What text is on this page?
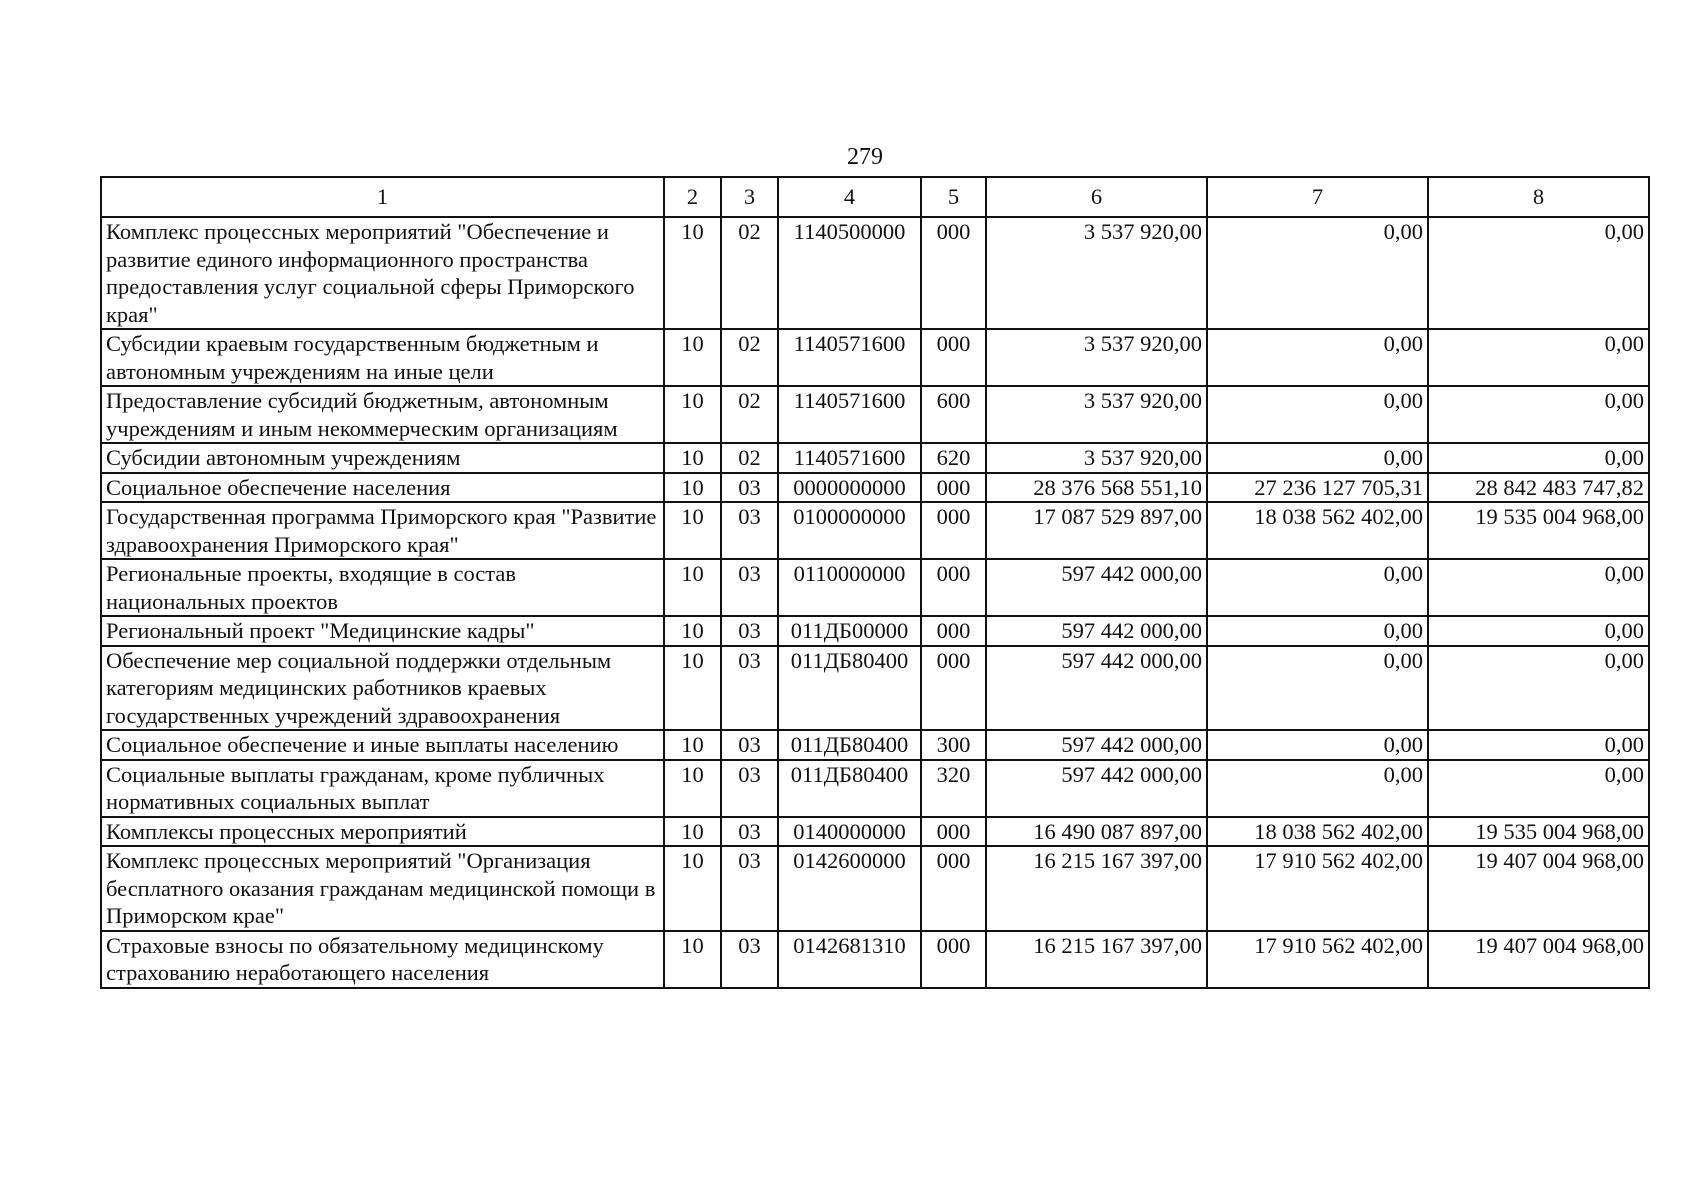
279
1	2	3	4	5	6	7	8
Комплекс процессных мероприятий "Обеспечение и развитие единого информационного пространства предоставления услуг социальной сферы Приморского края"	10	02	1140500000	000	3 537 920,00	0,00	0,00
Субсидии краевым государственным бюджетным и автономным учреждениям на иные цели	10	02	1140571600	000	3 537 920,00	0,00	0,00
Предоставление субсидий бюджетным, автономным учреждениям и иным некоммерческим организациям	10	02	1140571600	600	3 537 920,00	0,00	0,00
Субсидии автономным учреждениям	10	02	1140571600	620	3 537 920,00	0,00	0,00
Социальное обеспечение населения	10	03	0000000000	000	28 376 568 551,10	27 236 127 705,31	28 842 483 747,82
Государственная программа Приморского края "Развитие здравоохранения Приморского края"	10	03	0100000000	000	17 087 529 897,00	18 038 562 402,00	19 535 004 968,00
Региональные проекты, входящие в состав национальных проектов	10	03	0110000000	000	597 442 000,00	0,00	0,00
Региональный проект "Медицинские кадры"	10	03	011ДБ00000	000	597 442 000,00	0,00	0,00
Обеспечение мер социальной поддержки отдельным категориям медицинских работников краевых государственных учреждений здравоохранения	10	03	011ДБ80400	000	597 442 000,00	0,00	0,00
Социальное обеспечение и иные выплаты населению	10	03	011ДБ80400	300	597 442 000,00	0,00	0,00
Социальные выплаты гражданам, кроме публичных нормативных социальных выплат	10	03	011ДБ80400	320	597 442 000,00	0,00	0,00
Комплексы процессных мероприятий	10	03	0140000000	000	16 490 087 897,00	18 038 562 402,00	19 535 004 968,00
Комплекс процессных мероприятий "Организация бесплатного оказания гражданам медицинской помощи в Приморском крае"	10	03	0142600000	000	16 215 167 397,00	17 910 562 402,00	19 407 004 968,00
Страховые взносы по обязательному медицинскому страхованию неработающего населения	10	03	0142681310	000	16 215 167 397,00	17 910 562 402,00	19 407 004 968,00
